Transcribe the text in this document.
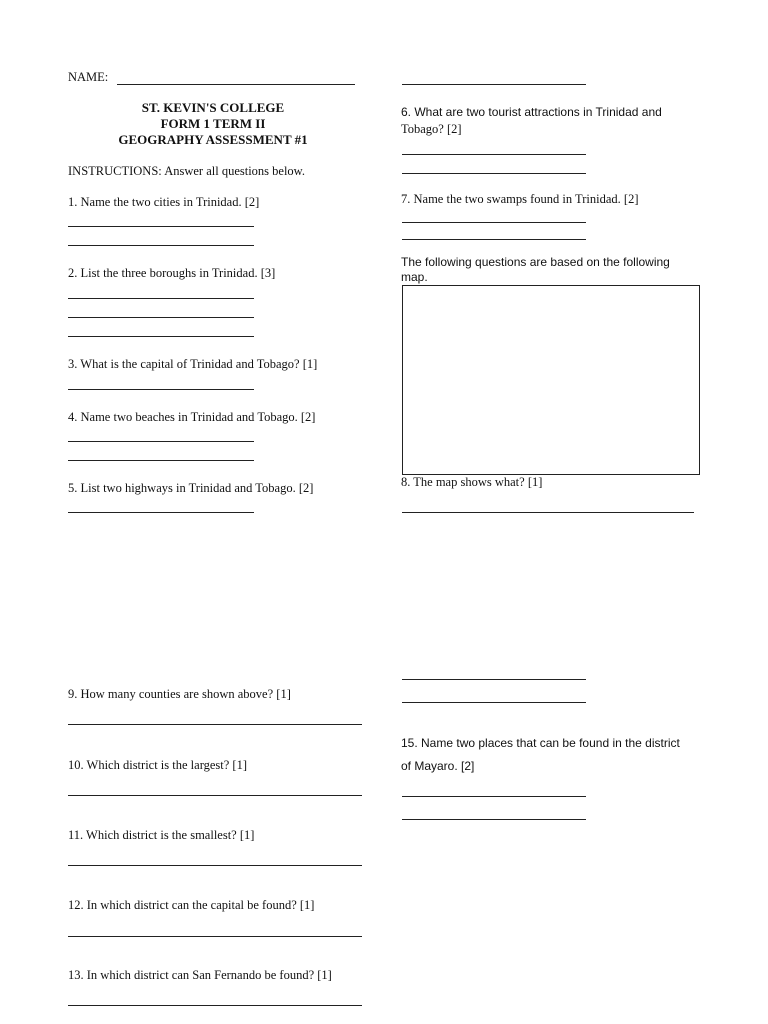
NAME:
ST. KEVIN'S COLLEGE
FORM 1 TERM II
GEOGRAPHY ASSESSMENT #1
INSTRUCTIONS: Answer all questions below.
1. Name the two cities in Trinidad. [2]
2. List the three boroughs in Trinidad. [3]
3. What is the capital of Trinidad and Tobago? [1]
4. Name two beaches in Trinidad and Tobago. [2]
5. List two highways in Trinidad and Tobago. [2]
9. How many counties are shown above? [1]
10. Which district is the largest? [1]
11. Which district is the smallest? [1]
12. In which district can the capital be found? [1]
13. In which district can San Fernando be found? [1]
6. What are two tourist attractions in Trinidad and
Tobago? [2]
7. Name the two swamps found in Trinidad. [2]
The following questions are based on the following
map.
8. The map shows what? [1]
15. Name two places that can be found in the district
of Mayaro. [2]
